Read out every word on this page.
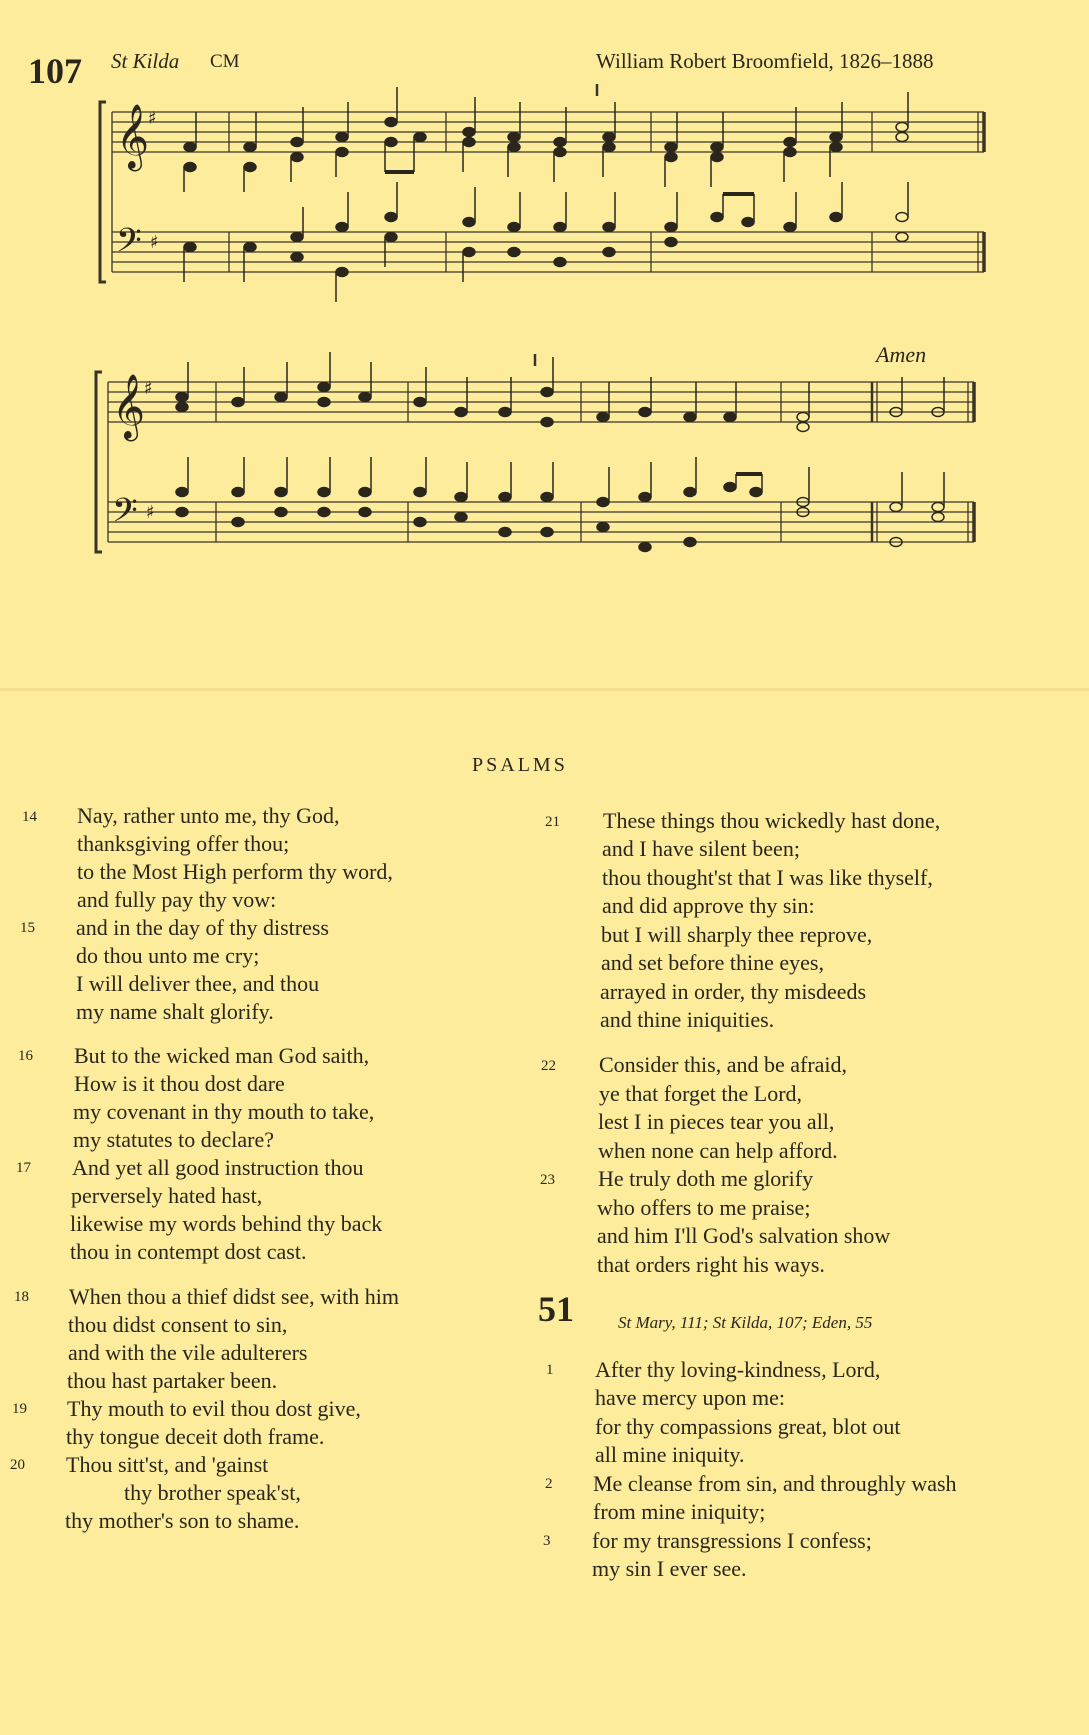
107 St Kilda CM	William Robert Broomfield, 1826–1888
Amen
𝄞
𝄢
𝄞
𝄢
♯
♯
♯
♯
PSALMS
14 Nay, rather unto me, thy God,
thanksgiving offer thou;
to the Most High perform thy word,
and fully pay thy vow:
15 and in the day of thy distress
do thou unto me cry;
I will deliver thee, and thou
my name shalt glorify.
16 But to the wicked man God saith,
How is it thou dost dare
my covenant in thy mouth to take,
my statutes to declare?
17 And yet all good instruction thou
perversely hated hast,
likewise my words behind thy back
thou in contempt dost cast.
18 When thou a thief didst see, with him
thou didst consent to sin,
and with the vile adulterers
thou hast partaker been.
19 Thy mouth to evil thou dost give,
thy tongue deceit doth frame.
20 Thou sitt'st, and 'gainst
thy brother speak'st,
thy mother's son to shame.
21 These things thou wickedly hast done,
and I have silent been;
thou thought'st that I was like thyself,
and did approve thy sin:
but I will sharply thee reprove,
and set before thine eyes,
arrayed in order, thy misdeeds
and thine iniquities.
22 Consider this, and be afraid,
ye that forget the Lord,
lest I in pieces tear you all,
when none can help afford.
23 He truly doth me glorify
who offers to me praise;
and him I'll God's salvation show
that orders right his ways.
51	St Mary, 111; St Kilda, 107; Eden, 55
1 After thy loving-kindness, Lord,
have mercy upon me:
for thy compassions great, blot out
all mine iniquity.
2 Me cleanse from sin, and throughly wash
from mine iniquity;
3 for my transgressions I confess;
my sin I ever see.
